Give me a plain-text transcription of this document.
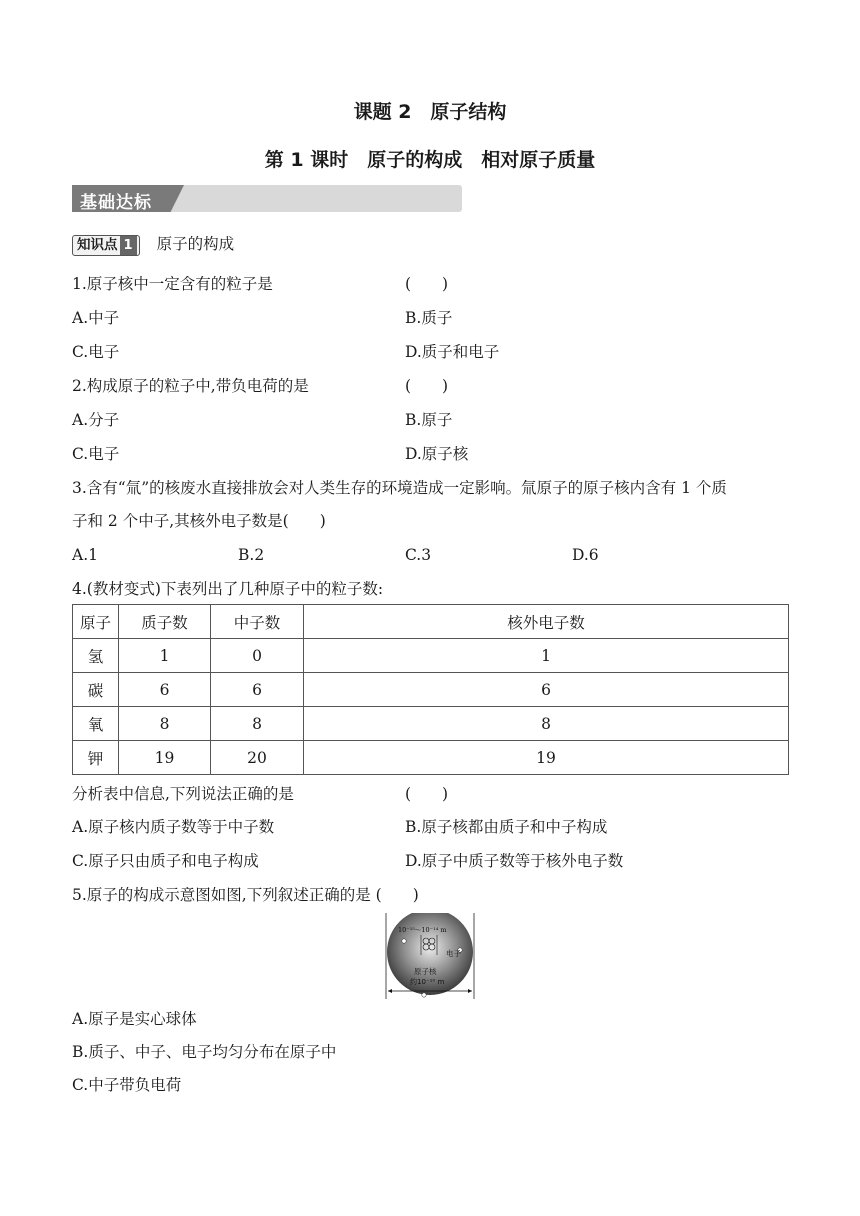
课题 2　原子结构
第 1 课时　原子的构成　相对原子质量
基础达标
知识点 1 原子的构成
1.原子核中一定含有的粒子是	(　　)
A.中子	B.质子
C.电子	D.质子和电子
2.构成原子的粒子中,带负电荷的是	(　　)
A.分子	B.原子
C.电子	D.原子核
3.含有“氚”的核废水直接排放会对人类生存的环境造成一定影响。氚原子的原子核内含有 1 个质
子和 2 个中子,其核外电子数是(　　)
A.1	B.2	C.3	D.6
4.(教材变式)下表列出了几种原子中的粒子数:
原子	质子数	中子数	核外电子数
氢	1	0	1
碳	6	6	6
氧	8	8	8
钾	19	20	19
分析表中信息,下列说法正确的是	(　　)
A.原子核内质子数等于中子数	B.原子核都由质子和中子构成
C.原子只由质子和电子构成	D.原子中质子数等于核外电子数
5.原子的构成示意图如图,下列叙述正确的是 (　　)
10⁻¹⁵～10⁻¹⁴ m
电子
原子核
约10⁻¹⁰ m
A.原子是实心球体
B.质子、中子、电子均匀分布在原子中
C.中子带负电荷
